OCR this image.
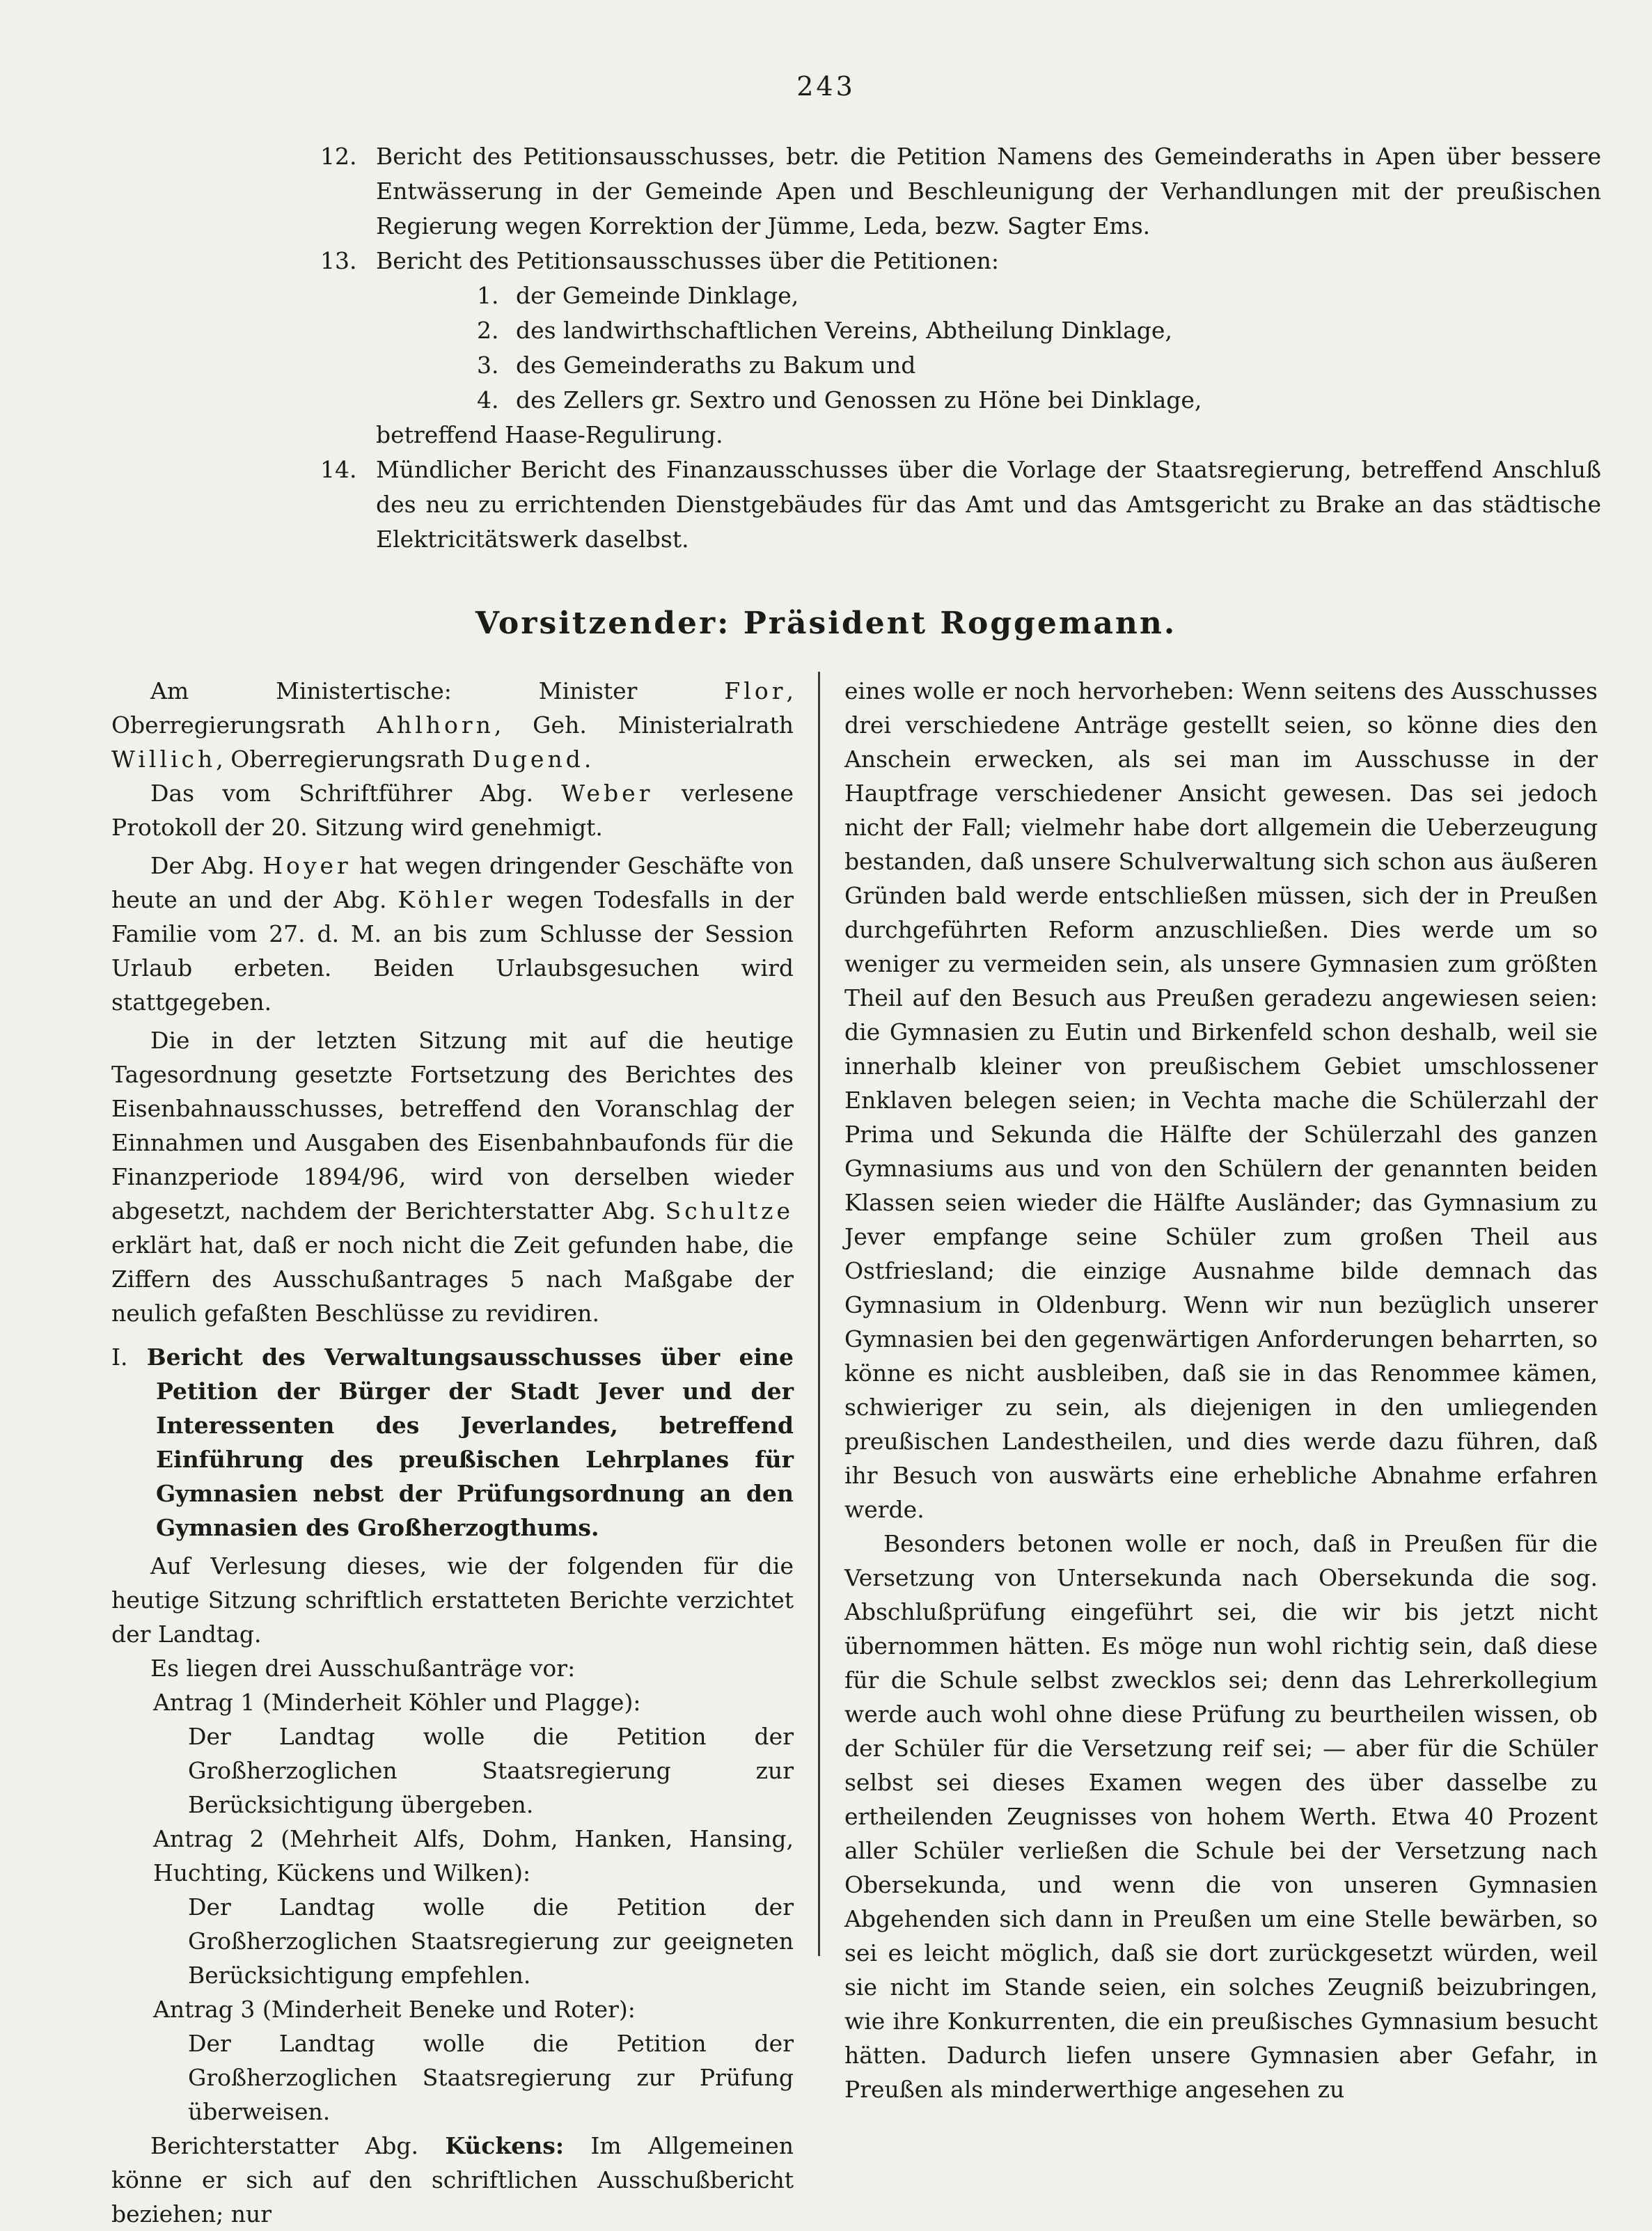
243
12. Bericht des Petitionsausschusses, betr. die Petition Namens des Gemeinderaths in Apen über bessere Entwässerung in der Gemeinde Apen und Beschleunigung der Verhandlungen mit der preußischen Regierung wegen Korrektion der Jümme, Leda, bezw. Sagter Ems.
13. Bericht des Petitionsausschusses über die Petitionen:
1. der Gemeinde Dinklage,
2. des landwirthschaftlichen Vereins, Abtheilung Dinklage,
3. des Gemeinderaths zu Bakum und
4. des Zellers gr. Sextro und Genossen zu Höne bei Dinklage,
betreffend Haase-Regulirung.
14. Mündlicher Bericht des Finanzausschusses über die Vorlage der Staatsregierung, betreffend Anschluß des neu zu errichtenden Dienstgebäudes für das Amt und das Amtsgericht zu Brake an das städtische Elektricitätswerk daselbst.
Vorsitzender: Präsident Roggemann.

Am Ministertische: Minister	Flor, Oberregierungsrath Ahlhorn, Geh. Ministerialrath Willich, Oberregierungsrath Dugend.

Das vom Schriftführer Abg. Weber verlesene Protokoll der 20. Sitzung wird genehmigt.

Der Abg. Hoyer hat wegen dringender Geschäfte von heute an und der Abg. Köhler wegen Todesfalls in der Familie vom 27. d. M. an bis zum Schlusse der Session Urlaub erbeten. Beiden Urlaubsgesuchen wird stattgegeben.

Die in der letzten Sitzung mit auf die heutige Tagesordnung gesetzte Fortsetzung des Berichtes des Eisenbahnausschusses, betreffend den Voranschlag der Einnahmen und Ausgaben des Eisenbahnbaufonds für die Finanzperiode 1894/96, wird von derselben wieder abgesetzt, nachdem der Berichterstatter Abg. Schultze erklärt hat, daß er noch nicht die Zeit gefunden habe, die Ziffern des Ausschußantrages 5 nach Maßgabe der neulich gefaßten Beschlüsse zu revidiren.

I. Bericht des Verwaltungsausschusses über eine Petition der Bürger der Stadt Jever und der Interessenten des Jeverlandes, betreffend Einführung des preußischen Lehrplanes für Gymnasien nebst der Prüfungsordnung an den Gymnasien des Großherzogthums.

Auf Verlesung dieses, wie der folgenden für die heutige Sitzung schriftlich erstatteten Berichte verzichtet der Landtag.

Es liegen drei Ausschußanträge vor:

Antrag 1 (Minderheit Köhler und Plagge):

Der Landtag wolle die Petition der Großherzoglichen Staatsregierung zur Berücksichtigung übergeben.

Antrag 2 (Mehrheit Alfs, Dohm, Hanken, Hansing, Huchting, Kückens und Wilken):

Der Landtag wolle die Petition der Großherzoglichen Staatsregierung zur geeigneten Berücksichtigung empfehlen.

Antrag 3 (Minderheit Beneke und Roter):

Der Landtag wolle die Petition der Großherzoglichen Staatsregierung zur Prüfung überweisen.

Berichterstatter Abg. Kückens: Im Allgemeinen könne er sich auf den schriftlichen Ausschußbericht beziehen; nur

eines wolle er noch hervorheben: Wenn seitens des Ausschusses drei verschiedene Anträge gestellt seien, so könne dies den Anschein erwecken, als sei man im Ausschusse in der Hauptfrage verschiedener Ansicht gewesen. Das sei jedoch nicht der Fall; vielmehr habe dort allgemein die Ueberzeugung bestanden, daß unsere Schulverwaltung sich schon aus äußeren Gründen bald werde entschließen müssen, sich der in Preußen durchgeführten Reform anzuschließen. Dies werde um so weniger zu vermeiden sein, als unsere Gymnasien zum größten Theil auf den Besuch aus Preußen geradezu angewiesen seien: die Gymnasien zu Eutin und Birkenfeld schon deshalb, weil sie innerhalb kleiner von preußischem Gebiet umschlossener Enklaven belegen seien; in Vechta mache die Schülerzahl der Prima und Sekunda die Hälfte der Schülerzahl des ganzen Gymnasiums aus und von den Schülern der genannten beiden Klassen seien wieder die Hälfte Ausländer; das Gymnasium zu Jever empfange seine Schüler zum großen Theil aus Ostfriesland; die einzige Ausnahme bilde demnach das Gymnasium in Oldenburg. Wenn wir nun bezüglich unserer Gymnasien bei den gegenwärtigen Anforderungen beharrten, so könne es nicht ausbleiben, daß sie in das Renommee kämen, schwieriger zu sein, als diejenigen in den umliegenden preußischen Landestheilen, und dies werde dazu führen, daß ihr Besuch von auswärts eine erhebliche Abnahme erfahren werde.

Besonders betonen wolle er noch, daß in Preußen für die Versetzung von Untersekunda nach Obersekunda die sog. Abschlußprüfung eingeführt sei, die wir bis jetzt nicht übernommen hätten. Es möge nun wohl richtig sein, daß diese für die Schule selbst zwecklos sei; denn das Lehrerkollegium werde auch wohl ohne diese Prüfung zu beurtheilen wissen, ob der Schüler für die Versetzung reif sei; — aber für die Schüler selbst sei dieses Examen wegen des über dasselbe zu ertheilenden Zeugnisses von hohem Werth. Etwa 40 Prozent aller Schüler verließen die Schule bei der Versetzung nach Obersekunda, und wenn die von unseren Gymnasien Abgehenden sich dann in Preußen um eine Stelle bewärben, so sei es leicht möglich, daß sie dort zurückgesetzt würden, weil sie nicht im Stande seien, ein solches Zeugniß beizubringen, wie ihre Konkurrenten, die ein preußisches Gymnasium besucht hätten. Dadurch liefen unsere Gymnasien aber Gefahr, in Preußen als minderwerthige angesehen zu
